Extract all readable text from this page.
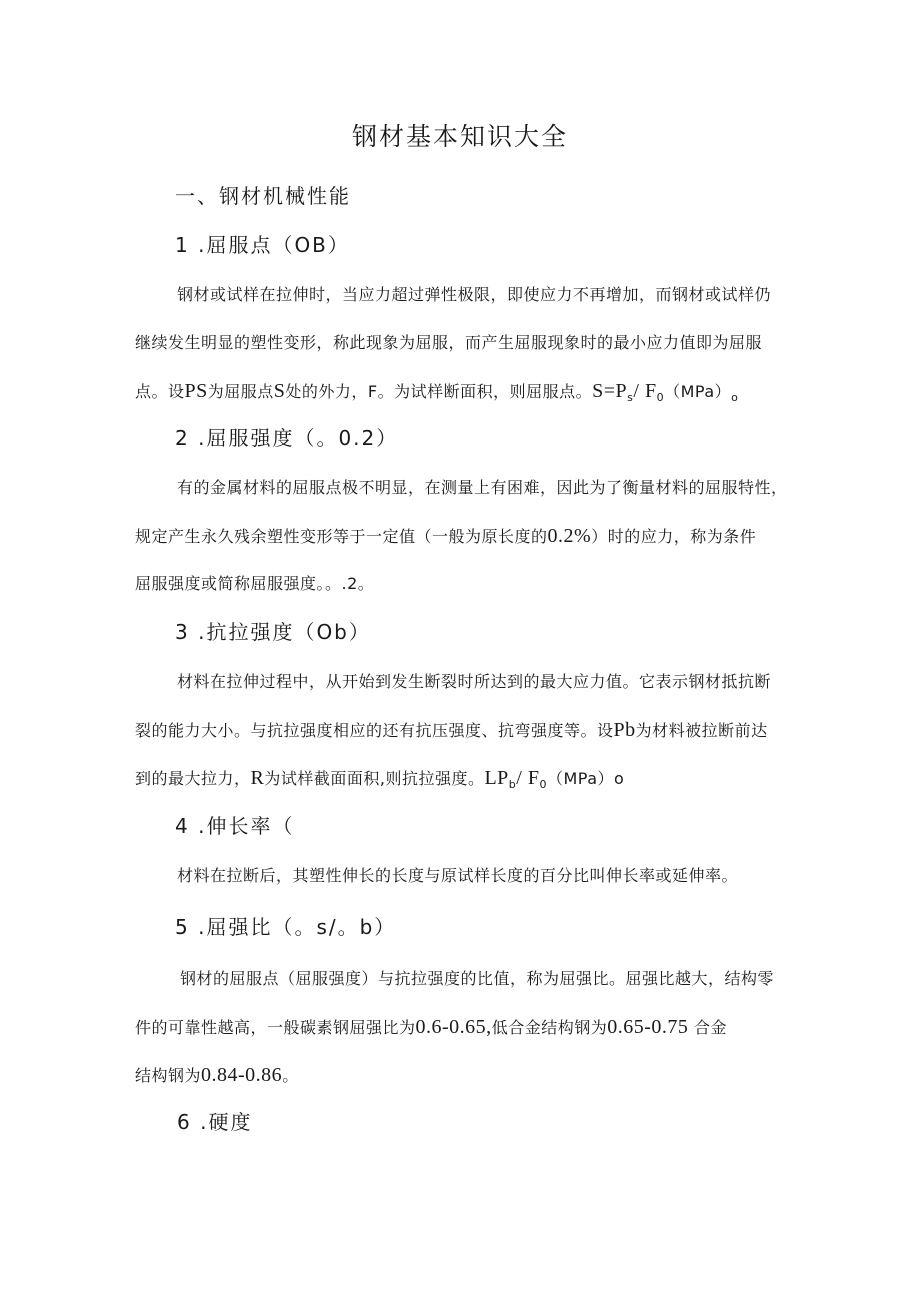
钢材基本知识大全
一、钢材机械性能
1 .屈服点（OB）
钢材或试样在拉伸时，当应力超过弹性极限，即使应力不再增加，而钢材或试样仍
继续发生明显的塑性变形，称此现象为屈服，而产生屈服现象时的最小应力值即为屈服
点。设PS为屈服点S处的外力，F。为试样断面积，则屈服点。$S=P_s/$ $F_0(MPa)_o$
2 .屈服强度（。0.2）
有的金属材料的屈服点极不明显，在测量上有困难，因此为了衡量材料的屈服特性，
规定产生永久残余塑性变形等于一定值（一般为原长度的0.2%）时的应力，称为条件
屈服强度或简称屈服强度。。.2。
3 .抗拉强度（Ob）
材料在拉伸过程中，从开始到发生断裂时所达到的最大应力值。它表示钢材抵抗断
裂的能力大小。与抗拉强度相应的还有抗压强度、抗弯强度等。设Pb为材料被拉断前达
到的最大拉力，R为试样截面面积,则抗拉强度。$LP_b/$ $F_0(MPa)o$
4 .伸长率（
材料在拉断后，其塑性伸长的长度与原试样长度的百分比叫伸长率或延伸率。
5 .屈强比（。s/。b）
钢材的屈服点（屈服强度）与抗拉强度的比值，称为屈强比。屈强比越大，结构零
件的可靠性越高，一般碳素钢屈强比为0.6-0.65,低合金结构钢为0.65-0.75 合金
结构钢为0.84-0.86。
6 .硬度
